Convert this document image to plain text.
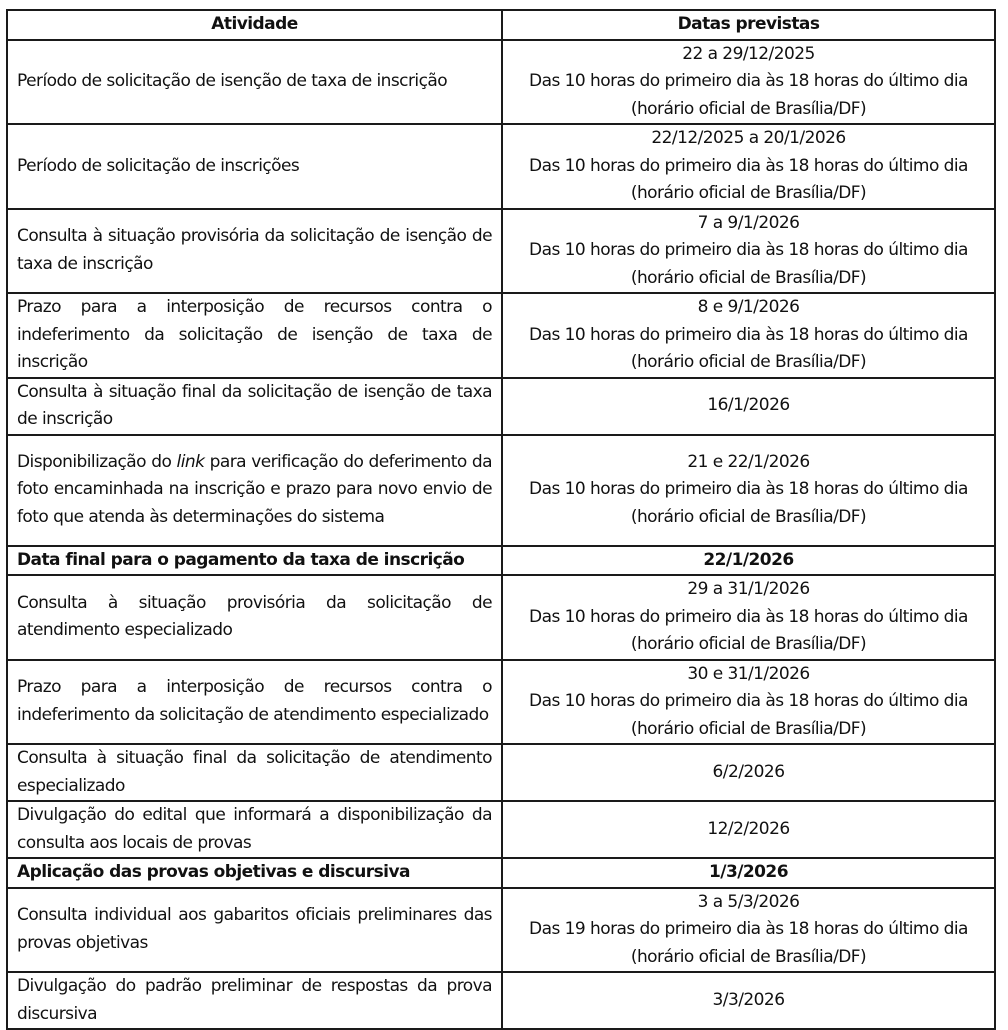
Atividade	Datas previstas
Período de solicitação de isenção de taxa de inscrição	22 a 29/12/2025
Das 10 horas do primeiro dia às 18 horas do último dia (horário oficial de Brasília/DF)

Período de solicitação de inscrições	22/12/2025 a 20/1/2026
Das 10 horas do primeiro dia às 18 horas do último dia (horário oficial de Brasília/DF)

Consulta à situação provisória da solicitação de isenção de taxa de inscrição	7 a 9/1/2026
Das 10 horas do primeiro dia às 18 horas do último dia (horário oficial de Brasília/DF)

Prazo para a interposição de recursos contra o indeferimento da solicitação de isenção de taxa de inscrição	8 e 9/1/2026
Das 10 horas do primeiro dia às 18 horas do último dia (horário oficial de Brasília/DF)

Consulta à situação final da solicitação de isenção de taxa de inscrição	16/1/2026

Disponibilização do link para verificação do deferimento da foto encaminhada na inscrição e prazo para novo envio de foto que atenda às determinações do sistema	21 e 22/1/2026
Das 10 horas do primeiro dia às 18 horas do último dia (horário oficial de Brasília/DF)

Data final para o pagamento da taxa de inscrição	22/1/2026

Consulta à situação provisória da solicitação de atendimento especializado	29 a 31/1/2026
Das 10 horas do primeiro dia às 18 horas do último dia (horário oficial de Brasília/DF)

Prazo para a interposição de recursos contra o indeferimento da solicitação de atendimento especializado	30 e 31/1/2026
Das 10 horas do primeiro dia às 18 horas do último dia (horário oficial de Brasília/DF)

Consulta à situação final da solicitação de atendimento especializado	6/2/2026

Divulgação do edital que informará a disponibilização da consulta aos locais de provas	12/2/2026

Aplicação das provas objetivas e discursiva	1/3/2026

Consulta individual aos gabaritos oficiais preliminares das provas objetivas	3 a 5/3/2026
Das 19 horas do primeiro dia às 18 horas do último dia (horário oficial de Brasília/DF)

Divulgação do padrão preliminar de respostas da prova discursiva	3/3/2026
